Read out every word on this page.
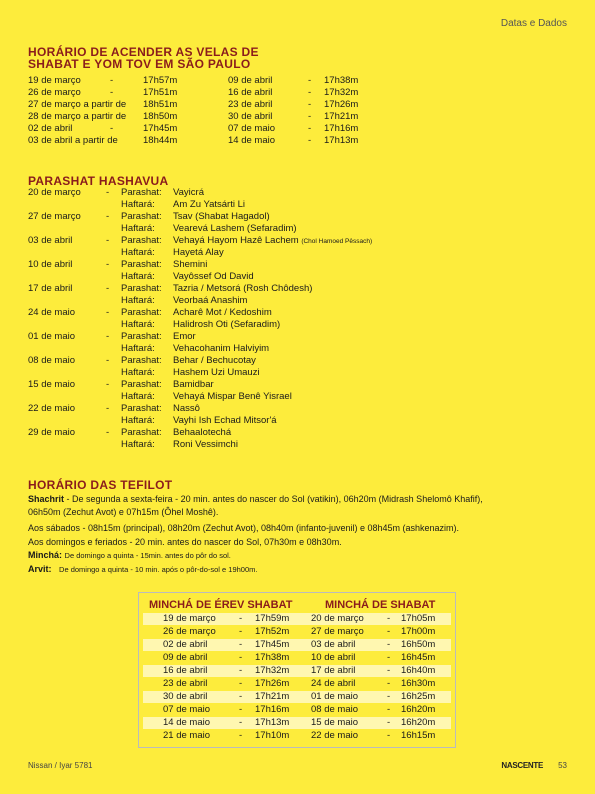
Datas e Dados
HORÁRIO DE ACENDER AS VELAS DE
SHABAT E YOM TOV EM SÃO PAULO
19 de março	-	17h57m	09 de abril	- 17h38m
26 de março	-	17h51m	16 de abril	- 17h32m
27 de março a partir de 18h51m	23 de abril	- 17h26m
28 de março a partir de 18h50m	30 de abril	- 17h21m
02 de abril	-	17h45m	07 de maio	- 17h16m
03 de abril a partir de	18h44m	14 de maio	- 17h13m
PARASHAT HASHAVUA
20 de março	- Parashat: Vayicrá
Haftará: Am Zu Yatsárti Li
27 de março	- Parashat: Tsav (Shabat Hagadol)
Haftará: Vearevá Lashem (Sefaradim)
03 de abril	- Parashat: Vehayá Hayom Hazê Lachem (Chol Hamoed Pêssach)
Haftará: Hayetá Alay
10 de abril	- Parashat: Shemini
Haftará: Vayôssef Od David
17 de abril	- Parashat: Tazria / Metsorá (Rosh Chôdesh)
Haftará: Veorbaá Anashim
24 de maio	- Parashat: Acharê Mot / Kedoshim
Haftará: Halidrosh Oti (Sefaradim)
01 de maio	- Parashat: Emor
Haftará: Vehacohanim Halviyim
08 de maio	- Parashat: Behar / Bechucotay
Haftará: Hashem Uzi Umauzi
15 de maio	- Parashat: Bamidbar
Haftará: Vehayá Mispar Benê Yisrael
22 de maio	- Parashat: Nassô
Haftará: Vayhi Ish Echad Mitsor'á
29 de maio	- Parashat: Behaalotechá
Haftará: Roni Vessimchi
HORÁRIO DAS TEFILOT
Shachrit - De segunda a sexta-feira - 20 min. antes do nascer do Sol (vatikin), 06h20m (Midrash Shelomô Khafif),
06h50m (Zechut Avot) e 07h15m (Ôhel Moshê).
Aos sábados - 08h15m (principal), 08h20m (Zechut Avot), 08h40m (infanto-juvenil) e 08h45m (ashkenazim).
Aos domingos e feriados - 20 min. antes do nascer do Sol, 07h30m e 08h30m.
Minchá: De domingo a quinta - 15min. antes do pôr do sol.
Arvit: De domingo a quinta - 10 min. após o pôr-do-sol e 19h00m.
MINCHÁ DE ÉREV SHABAT	MINCHÁ DE SHABAT
19 de março - 17h59m 20 de março - 17h05m
26 de março - 17h52m 27 de março - 17h00m
02 de abril	- 17h45m 03 de abril	- 16h50m
09 de abril	- 17h38m 10 de abril	- 16h45m
16 de abril	- 17h32m 17 de abril	- 16h40m
23 de abril	- 17h26m 24 de abril	- 16h30m
30 de abril	- 17h21m 01 de maio	- 16h25m
07 de maio	- 17h16m 08 de maio	- 16h20m
14 de maio	- 17h13m 15 de maio	- 16h20m
21 de maio	- 17h10m 22 de maio	- 16h15m
Nissan / Iyar 5781	NASCENTE 53
